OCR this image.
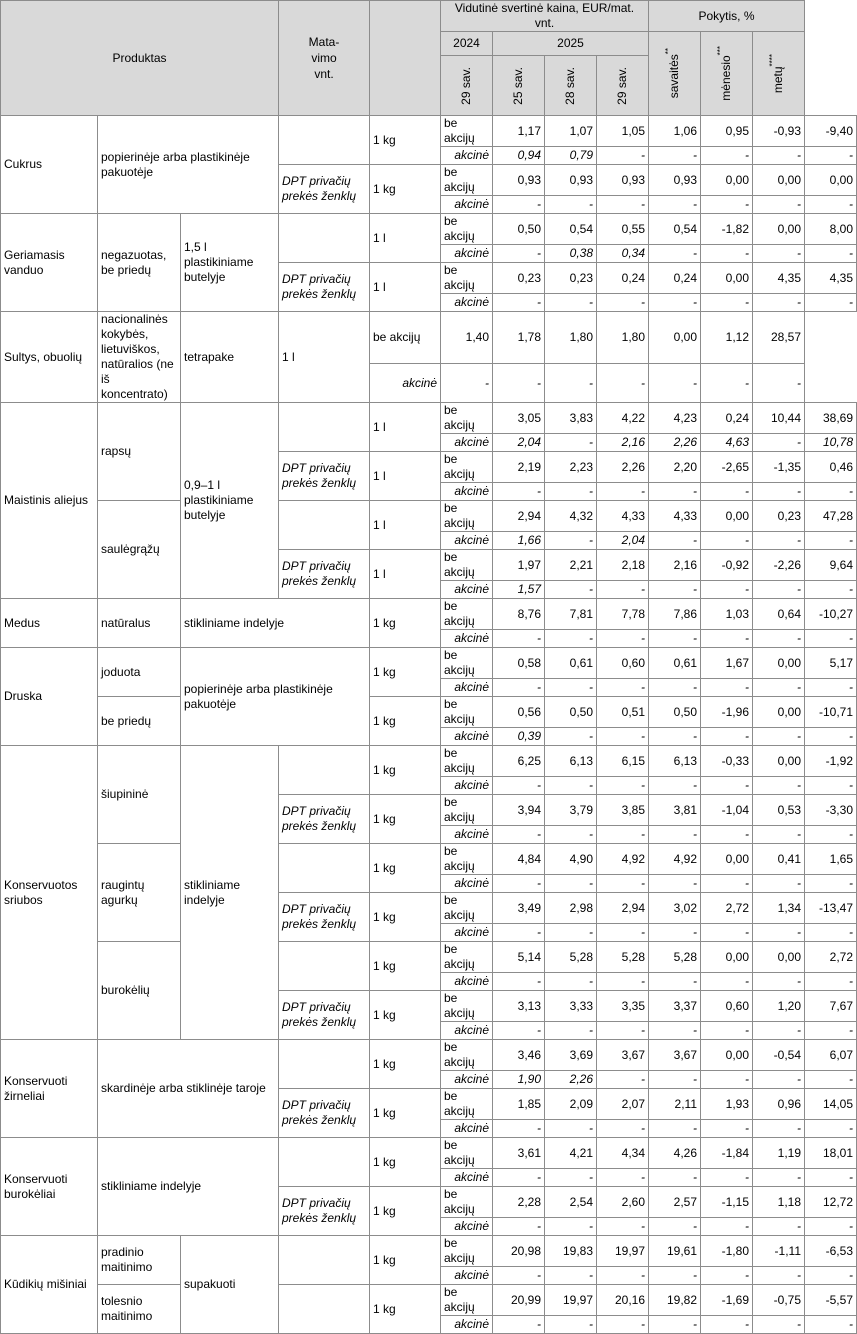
Produktas			Mata-vimo vnt.		Vidutinė svertinė kaina, EUR/mat. vnt.				Pokytis, %			
					2024	2025			savaitės**	mėnesio***	metų****

					29 sav.	25 sav.	28 sav.	29 sav.				

Cukrus	popierinėje arba plastikinėje pakuotėje			1 kg	be akcijų	1,17	1,07	1,05	1,06	0,95	-0,93	-9,40
					akcinė	0,94	0,79	-	-	-	-	-
			DPT privačių prekės ženklų	1 kg	be akcijų	0,93	0,93	0,93	0,93	0,00	0,00	0,00
					akcinė	-	-	-	-	-	-	-
Geriamasis vanduo	negazuotas, be priedų	1,5 l plastikiniame butelyje		1 l	be akcijų	0,50	0,54	0,55	0,54	-1,82	0,00	8,00
					akcinė	-	0,38	0,34	-	-	-	-
			DPT privačių prekės ženklų	1 l	be akcijų	0,23	0,23	0,24	0,24	0,00	4,35	4,35
					akcinė	-	-	-	-	-	-	-
Sultys, obuolių	nacionalinės kokybės, lietuviškos, natūralios (ne iš koncentrato)	tetrapake	1 l	be akcijų	1,40	1,78	1,80	1,80	0,00	1,12	28,57	
				akcinė	-	-	-	-	-	-	-	
Maistinis aliejus	rapsų	0,9–1 l plastikiniame butelyje		1 l	be akcijų	3,05	3,83	4,22	4,23	0,24	10,44	38,69
					akcinė	2,04	-	2,16	2,26	4,63	-	10,78
			DPT privačių prekės ženklų	1 l	be akcijų	2,19	2,23	2,26	2,20	-2,65	-1,35	0,46
					akcinė	-	-	-	-	-	-	-
	saulėgrąžų			1 l	be akcijų	2,94	4,32	4,33	4,33	0,00	0,23	47,28
					akcinė	1,66	-	2,04	-	-	-	-
			DPT privačių prekės ženklų	1 l	be akcijų	1,97	2,21	2,18	2,16	-0,92	-2,26	9,64
					akcinė	1,57	-	-	-	-	-	-
Medus	natūralus	stikliniame indelyje		1 kg	be akcijų	8,76	7,81	7,78	7,86	1,03	0,64	-10,27
					akcinė	-	-	-	-	-	-	-
Druska	joduota	popierinėje arba plastikinėje pakuotėje		1 kg	be akcijų	0,58	0,61	0,60	0,61	1,67	0,00	5,17
					akcinė	-	-	-	-	-	-	-
	be priedų			1 kg	be akcijų	0,56	0,50	0,51	0,50	-1,96	0,00	-10,71
					akcinė	0,39	-	-	-	-	-	-
Konservuotos sriubos	šiupininė	stikliniame indelyje		1 kg	be akcijų	6,25	6,13	6,15	6,13	-0,33	0,00	-1,92
					akcinė	-	-	-	-	-	-	-
			DPT privačių prekės ženklų	1 kg	be akcijų	3,94	3,79	3,85	3,81	-1,04	0,53	-3,30
					akcinė	-	-	-	-	-	-	-
	raugintų agurkų			1 kg	be akcijų	4,84	4,90	4,92	4,92	0,00	0,41	1,65
					akcinė	-	-	-	-	-	-	-
			DPT privačių prekės ženklų	1 kg	be akcijų	3,49	2,98	2,94	3,02	2,72	1,34	-13,47
					akcinė	-	-	-	-	-	-	-
	burokėlių			1 kg	be akcijų	5,14	5,28	5,28	5,28	0,00	0,00	2,72
					akcinė	-	-	-	-	-	-	-
			DPT privačių prekės ženklų	1 kg	be akcijų	3,13	3,33	3,35	3,37	0,60	1,20	7,67
					akcinė	-	-	-	-	-	-	-
Konservuoti žirneliai	skardinėje arba stiklinėje taroje			1 kg	be akcijų	3,46	3,69	3,67	3,67	0,00	-0,54	6,07
					akcinė	1,90	2,26	-	-	-	-	-
			DPT privačių prekės ženklų	1 kg	be akcijų	1,85	2,09	2,07	2,11	1,93	0,96	14,05
					akcinė	-	-	-	-	-	-	-
Konservuoti burokėliai	stikliniame indelyje			1 kg	be akcijų	3,61	4,21	4,34	4,26	-1,84	1,19	18,01
					akcinė	-	-	-	-	-	-	-
			DPT privačių prekės ženklų	1 kg	be akcijų	2,28	2,54	2,60	2,57	-1,15	1,18	12,72
					akcinė	-	-	-	-	-	-	-
Kūdikių mišiniai	pradinio maitinimo	supakuoti		1 kg	be akcijų	20,98	19,83	19,97	19,61	-1,80	-1,11	-6,53
					akcinė	-	-	-	-	-	-	-
	tolesnio maitinimo			1 kg	be akcijų	20,99	19,97	20,16	19,82	-1,69	-0,75	-5,57
					akcinė	-	-	-	-	-	-	-
